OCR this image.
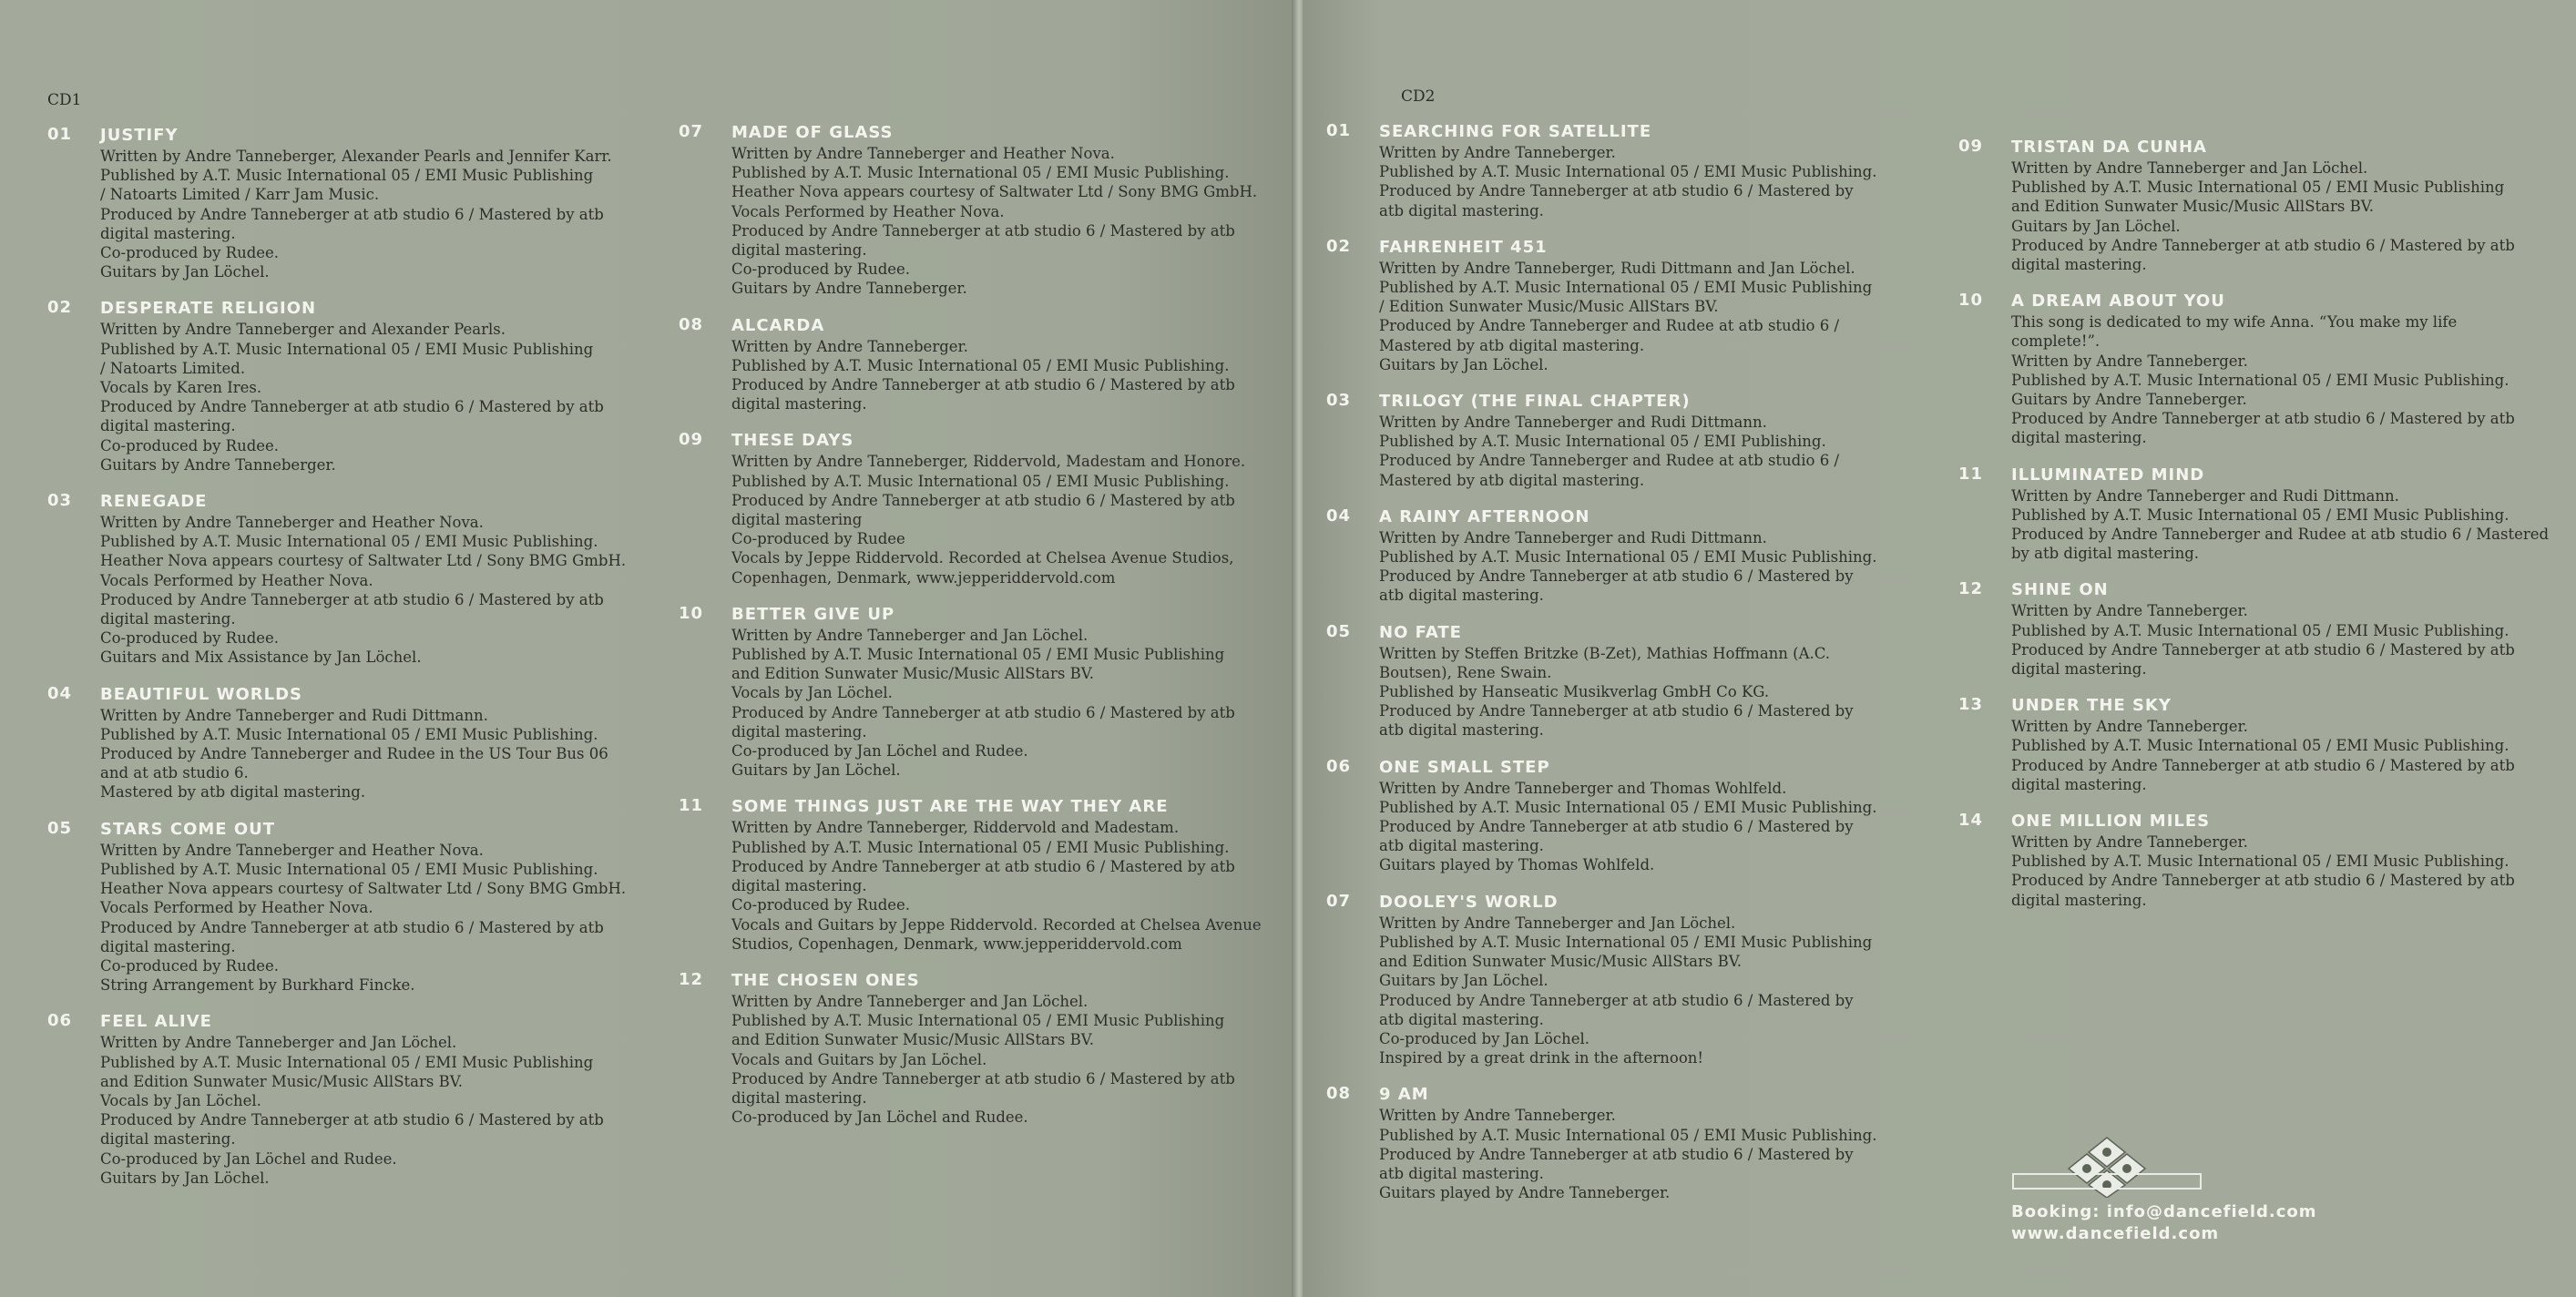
CD1
01	JUSTIFY
Written by Andre Tanneberger, Alexander Pearls and Jennifer Karr.
Published by A.T. Music International 05 / EMI Music Publishing
/ Natoarts Limited / Karr Jam Music.
Produced by Andre Tanneberger at atb studio 6 / Mastered by atb
digital mastering.
Co-produced by Rudee.
Guitars by Jan Löchel.
02	DESPERATE RELIGION
Written by Andre Tanneberger and Alexander Pearls.
Published by A.T. Music International 05 / EMI Music Publishing
/ Natoarts Limited.
Vocals by Karen Ires.
Produced by Andre Tanneberger at atb studio 6 / Mastered by atb
digital mastering.
Co-produced by Rudee.
Guitars by Andre Tanneberger.
03	RENEGADE
Written by Andre Tanneberger and Heather Nova.
Published by A.T. Music International 05 / EMI Music Publishing.
Heather Nova appears courtesy of Saltwater Ltd / Sony BMG GmbH.
Vocals Performed by Heather Nova.
Produced by Andre Tanneberger at atb studio 6 / Mastered by atb
digital mastering.
Co-produced by Rudee.
Guitars and Mix Assistance by Jan Löchel.
04	BEAUTIFUL WORLDS
Written by Andre Tanneberger and Rudi Dittmann.
Published by A.T. Music International 05 / EMI Music Publishing.
Produced by Andre Tanneberger and Rudee in the US Tour Bus 06
and at atb studio 6.
Mastered by atb digital mastering.
05	STARS COME OUT
Written by Andre Tanneberger and Heather Nova.
Published by A.T. Music International 05 / EMI Music Publishing.
Heather Nova appears courtesy of Saltwater Ltd / Sony BMG GmbH.
Vocals Performed by Heather Nova.
Produced by Andre Tanneberger at atb studio 6 / Mastered by atb
digital mastering.
Co-produced by Rudee.
String Arrangement by Burkhard Fincke.
06	FEEL ALIVE
Written by Andre Tanneberger and Jan Löchel.
Published by A.T. Music International 05 / EMI Music Publishing
and Edition Sunwater Music/Music AllStars BV.
Vocals by Jan Löchel.
Produced by Andre Tanneberger at atb studio 6 / Mastered by atb
digital mastering.
Co-produced by Jan Löchel and Rudee.
Guitars by Jan Löchel.
07	MADE OF GLASS
Written by Andre Tanneberger and Heather Nova.
Published by A.T. Music International 05 / EMI Music Publishing.
Heather Nova appears courtesy of Saltwater Ltd / Sony BMG GmbH.
Vocals Performed by Heather Nova.
Produced by Andre Tanneberger at atb studio 6 / Mastered by atb
digital mastering.
Co-produced by Rudee.
Guitars by Andre Tanneberger.
08	ALCARDA
Written by Andre Tanneberger.
Published by A.T. Music International 05 / EMI Music Publishing.
Produced by Andre Tanneberger at atb studio 6 / Mastered by atb
digital mastering.
09	THESE DAYS
Written by Andre Tanneberger, Riddervold, Madestam and Honore.
Published by A.T. Music International 05 / EMI Music Publishing.
Produced by Andre Tanneberger at atb studio 6 / Mastered by atb
digital mastering
Co-produced by Rudee
Vocals by Jeppe Riddervold. Recorded at Chelsea Avenue Studios,
Copenhagen, Denmark, www.jepperiddervold.com
10	BETTER GIVE UP
Written by Andre Tanneberger and Jan Löchel.
Published by A.T. Music International 05 / EMI Music Publishing
and Edition Sunwater Music/Music AllStars BV.
Vocals by Jan Löchel.
Produced by Andre Tanneberger at atb studio 6 / Mastered by atb
digital mastering.
Co-produced by Jan Löchel and Rudee.
Guitars by Jan Löchel.
11	SOME THINGS JUST ARE THE WAY THEY ARE
Written by Andre Tanneberger, Riddervold and Madestam.
Published by A.T. Music International 05 / EMI Music Publishing.
Produced by Andre Tanneberger at atb studio 6 / Mastered by atb
digital mastering.
Co-produced by Rudee.
Vocals and Guitars by Jeppe Riddervold. Recorded at Chelsea Avenue
Studios, Copenhagen, Denmark, www.jepperiddervold.com
12	THE CHOSEN ONES
Written by Andre Tanneberger and Jan Löchel.
Published by A.T. Music International 05 / EMI Music Publishing
and Edition Sunwater Music/Music AllStars BV.
Vocals and Guitars by Jan Löchel.
Produced by Andre Tanneberger at atb studio 6 / Mastered by atb
digital mastering.
Co-produced by Jan Löchel and Rudee.
CD2
01	SEARCHING FOR SATELLITE
Written by Andre Tanneberger.
Published by A.T. Music International 05 / EMI Music Publishing.
Produced by Andre Tanneberger at atb studio 6 / Mastered by
atb digital mastering.
02	FAHRENHEIT 451
Written by Andre Tanneberger, Rudi Dittmann and Jan Löchel.
Published by A.T. Music International 05 / EMI Music Publishing
/ Edition Sunwater Music/Music AllStars BV.
Produced by Andre Tanneberger and Rudee at atb studio 6 /
Mastered by atb digital mastering.
Guitars by Jan Löchel.
03	TRILOGY (THE FINAL CHAPTER)
Written by Andre Tanneberger and Rudi Dittmann.
Published by A.T. Music International 05 / EMI Publishing.
Produced by Andre Tanneberger and Rudee at atb studio 6 /
Mastered by atb digital mastering.
04	A RAINY AFTERNOON
Written by Andre Tanneberger and Rudi Dittmann.
Published by A.T. Music International 05 / EMI Music Publishing.
Produced by Andre Tanneberger at atb studio 6 / Mastered by
atb digital mastering.
05	NO FATE
Written by Steffen Britzke (B-Zet), Mathias Hoffmann (A.C.
Boutsen), Rene Swain.
Published by Hanseatic Musikverlag GmbH Co KG.
Produced by Andre Tanneberger at atb studio 6 / Mastered by
atb digital mastering.
06	ONE SMALL STEP
Written by Andre Tanneberger and Thomas Wohlfeld.
Published by A.T. Music International 05 / EMI Music Publishing.
Produced by Andre Tanneberger at atb studio 6 / Mastered by
atb digital mastering.
Guitars played by Thomas Wohlfeld.
07	DOOLEY'S WORLD
Written by Andre Tanneberger and Jan Löchel.
Published by A.T. Music International 05 / EMI Music Publishing
and Edition Sunwater Music/Music AllStars BV.
Guitars by Jan Löchel.
Produced by Andre Tanneberger at atb studio 6 / Mastered by
atb digital mastering.
Co-produced by Jan Löchel.
Inspired by a great drink in the afternoon!
08	9 AM
Written by Andre Tanneberger.
Published by A.T. Music International 05 / EMI Music Publishing.
Produced by Andre Tanneberger at atb studio 6 / Mastered by
atb digital mastering.
Guitars played by Andre Tanneberger.
09	TRISTAN DA CUNHA
Written by Andre Tanneberger and Jan Löchel.
Published by A.T. Music International 05 / EMI Music Publishing
and Edition Sunwater Music/Music AllStars BV.
Guitars by Jan Löchel.
Produced by Andre Tanneberger at atb studio 6 / Mastered by atb
digital mastering.
10	A DREAM ABOUT YOU
This song is dedicated to my wife Anna. “You make my life
complete!”.
Written by Andre Tanneberger.
Published by A.T. Music International 05 / EMI Music Publishing.
Guitars by Andre Tanneberger.
Produced by Andre Tanneberger at atb studio 6 / Mastered by atb
digital mastering.
11	ILLUMINATED MIND
Written by Andre Tanneberger and Rudi Dittmann.
Published by A.T. Music International 05 / EMI Music Publishing.
Produced by Andre Tanneberger and Rudee at atb studio 6 / Mastered
by atb digital mastering.
12	SHINE ON
Written by Andre Tanneberger.
Published by A.T. Music International 05 / EMI Music Publishing.
Produced by Andre Tanneberger at atb studio 6 / Mastered by atb
digital mastering.
13	UNDER THE SKY
Written by Andre Tanneberger.
Published by A.T. Music International 05 / EMI Music Publishing.
Produced by Andre Tanneberger at atb studio 6 / Mastered by atb
digital mastering.
14	ONE MILLION MILES
Written by Andre Tanneberger.
Published by A.T. Music International 05 / EMI Music Publishing.
Produced by Andre Tanneberger at atb studio 6 / Mastered by atb
digital mastering.
Booking: info@dancefield.com
www.dancefield.com
